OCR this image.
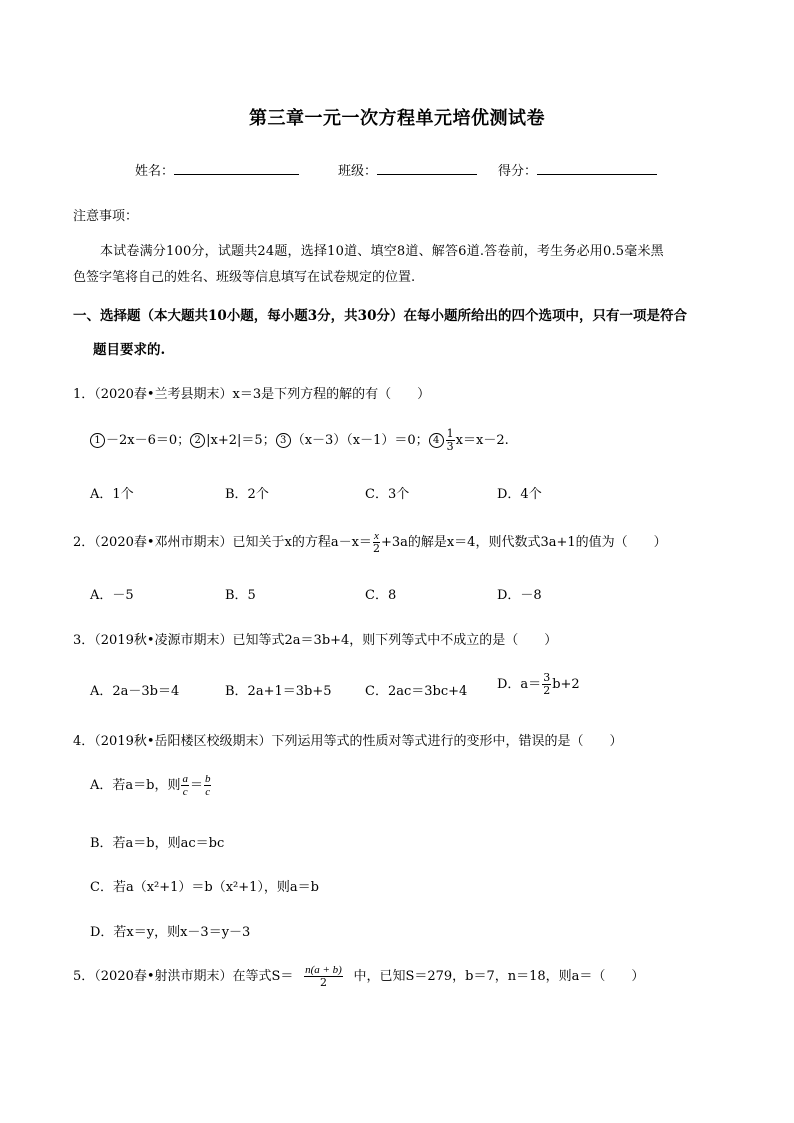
第三章一元一次方程单元培优测试卷
姓名：	班级：	得分：
注意事项：
本试卷满分100分，试题共24题，选择10道、填空8道、解答6道.答卷前，考生务必用0.5毫米黑
色签字笔将自己的姓名、班级等信息填写在试卷规定的位置.
一、选择题（本大题共10小题，每小题3分，共30分）在每小题所给出的四个选项中，只有一项是符合
题目要求的.
1．（2020春•兰考县期末）x＝3是下列方程的解的有（　　）
1 －2x－6＝0； 2 |x+2|＝5； 3 （x－3）（x－1）＝0； $4 \frac{1}{3} x=x-2$.
A．1个	B．2个	C．3个	D．4个
2．（2020春•邓州市期末）已知关于x的方程$a-x= \frac{x}{2} +3a$的解是x＝4，则代数式3a+1的值为（　　）
A．－5	B．5	C．8	D．－8
3．（2019秋•凌源市期末）已知等式2a＝3b+4，则下列等式中不成立的是（　　）
A．2a－3b＝4	B．2a+1＝3b+5	C．2ac＝3bc+4 D．$a= \frac{3}{2} b+2$
4．（2019秋•岳阳楼区校级期末）下列运用等式的性质对等式进行的变形中，错误的是（　　）
A．若a＝b，则 $\frac{a}{c} = \frac{b}{c}$
B．若a＝b，则ac＝bc
C．若a（x²+1）＝b（x²+1），则a＝b
D．若x＝y，则x－3＝y－3
5．（2020春•射洪市期末）在等式$S= \frac{n(a + b)}{2}$ 中，已知S＝279，b＝7，n＝18，则a＝（　　）
